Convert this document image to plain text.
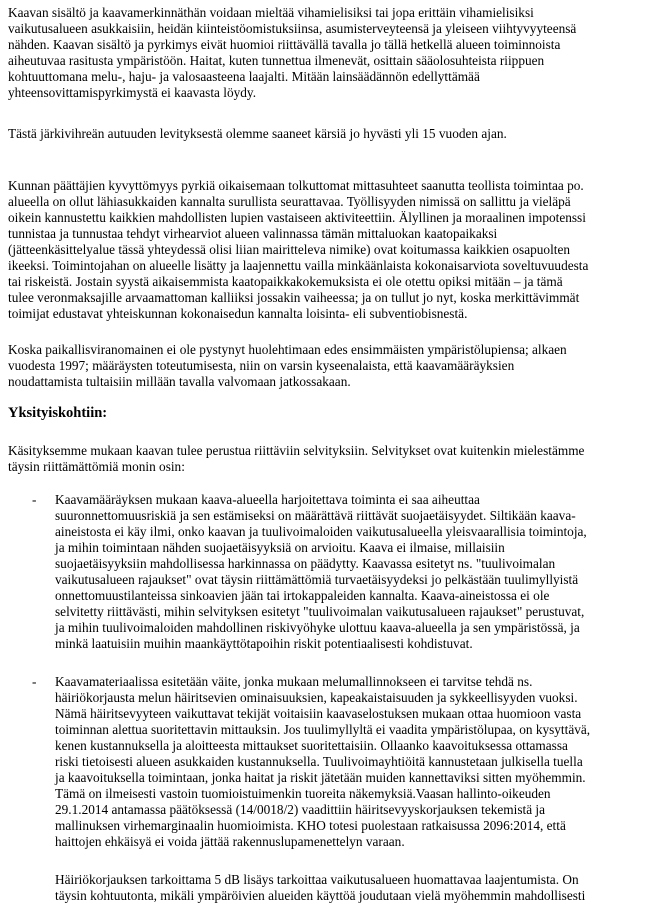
Kaavan sisältö ja kaavamerkinnäthän voidaan mieltää vihamielisiksi tai jopa erittäin vihamielisiksi
vaikutusalueen asukkaisiin, heidän kiinteistöomistuksiinsa, asumisterveyteensä ja yleiseen viihtyvyyteensä
nähden. Kaavan sisältö ja pyrkimys eivät huomioi riittävällä tavalla jo tällä hetkellä alueen toiminnoista
aiheutuvaa rasitusta ympäristöön. Haitat, kuten tunnettua ilmenevät, osittain sääolosuhteista riippuen
kohtuuttomana melu-, haju- ja valosaasteena laajalti. Mitään lainsäädännön edellyttämää
yhteensovittamispyrkimystä ei kaavasta löydy.

Tästä järkivihreän autuuden levityksestä olemme saaneet kärsiä jo hyvästi yli 15 vuoden ajan.

Kunnan päättäjien kyvyttömyys pyrkiä oikaisemaan tolkuttomat mittasuhteet saanutta teollista toimintaa po.
alueella on ollut lähiasukkaiden kannalta surullista seurattavaa. Työllisyyden nimissä on sallittu ja vieläpä
oikein kannustettu kaikkien mahdollisten lupien vastaiseen aktiviteettiin. Älyllinen ja moraalinen impotenssi
tunnistaa ja tunnustaa tehdyt virhearviot alueen valinnassa tämän mittaluokan kaatopaikaksi
(jätteenkäsittelyalue tässä yhteydessä olisi liian mairitteleva nimike) ovat koitumassa kaikkien osapuolten
ikeeksi. Toimintojahan on alueelle lisätty ja laajennettu vailla minkäänlaista kokonaisarviota soveltuvuudesta
tai riskeistä. Jostain syystä aikaisemmista kaatopaikkakokemuksista ei ole otettu opiksi mitään – ja tämä
tulee veronmaksajille arvaamattoman kalliiksi jossakin vaiheessa; ja on tullut jo nyt, koska merkittävimmät
toimijat edustavat yhteiskunnan kokonaisedun kannalta loisinta- eli subventiobisnestä.

Koska paikallisviranomainen ei ole pystynyt huolehtimaan edes ensimmäisten ympäristölupiensa; alkaen
vuodesta 1997; määräysten toteutumisesta, niin on varsin kyseenalaista, että kaavamääräyksien
noudattamista tultaisiin millään tavalla valvomaan jatkossakaan.

Yksityiskohtiin:

Käsityksemme mukaan kaavan tulee perustua riittäviin selvityksiin. Selvitykset ovat kuitenkin mielestämme
täysin riittämättömiä monin osin:

- Kaavamääräyksen mukaan kaava-alueella harjoitettava toiminta ei saa aiheuttaa
suuronnettomuusriskiä ja sen estämiseksi on määrättävä riittävät suojaetäisyydet. Siltikään kaava-
aineistosta ei käy ilmi, onko kaavan ja tuulivoimaloiden vaikutusalueella yleisvaarallisia toimintoja,
ja mihin toimintaan nähden suojaetäisyyksiä on arvioitu. Kaava ei ilmaise, millaisiin
suojaetäisyyksiin mahdollisessa harkinnassa on päädytty. Kaavassa esitetyt ns. "tuulivoimalan
vaikutusalueen rajaukset" ovat täysin riittämättömiä turvaetäisyydeksi jo pelkästään tuulimyllyistä
onnettomuustilanteissa sinkoavien jään tai irtokappaleiden kannalta. Kaava-aineistossa ei ole
selvitetty riittävästi, mihin selvityksen esitetyt "tuulivoimalan vaikutusalueen rajaukset" perustuvat,
ja mihin tuulivoimaloiden mahdollinen riskivyöhyke ulottuu kaava-alueella ja sen ympäristössä, ja
minkä laatuisiin muihin maankäyttötapoihin riskit potentiaalisesti kohdistuvat.
- Kaavamateriaalissa esitetään väite, jonka mukaan melumallinnokseen ei tarvitse tehdä ns.
häiriökorjausta melun häiritsevien ominaisuuksien, kapeakaistaisuuden ja sykkeellisyyden vuoksi.
Nämä häiritsevyyteen vaikuttavat tekijät voitaisiin kaavaselostuksen mukaan ottaa huomioon vasta
toiminnan alettua suoritettavin mittauksin. Jos tuulimyllyltä ei vaadita ympäristölupaa, on kysyttävä,
kenen kustannuksella ja aloitteesta mittaukset suoritettaisiin. Ollaanko kaavoituksessa ottamassa
riski tietoisesti alueen asukkaiden kustannuksella. Tuulivoimayhtiöitä kannustetaan julkisella tuella
ja kaavoituksella toimintaan, jonka haitat ja riskit jätetään muiden kannettaviksi sitten myöhemmin.
Tämä on ilmeisesti vastoin tuomioistuimenkin tuoreita näkemyksiä.Vaasan hallinto-oikeuden
29.1.2014 antamassa päätöksessä (14/0018/2) vaadittiin häiritsevyyskorjauksen tekemistä ja
mallinuksen virhemarginaalin huomioimista. KHO totesi puolestaan ratkaisussa 2096:2014, että
haittojen ehkäisyä ei voida jättää rakennuslupamenettelyn varaan.

Häiriökorjauksen tarkoittama 5 dB lisäys tarkoittaa vaikutusalueen huomattavaa laajentumista. On
täysin kohtuutonta, mikäli ympäröivien alueiden käyttöä joudutaan vielä myöhemmin mahdollisesti
